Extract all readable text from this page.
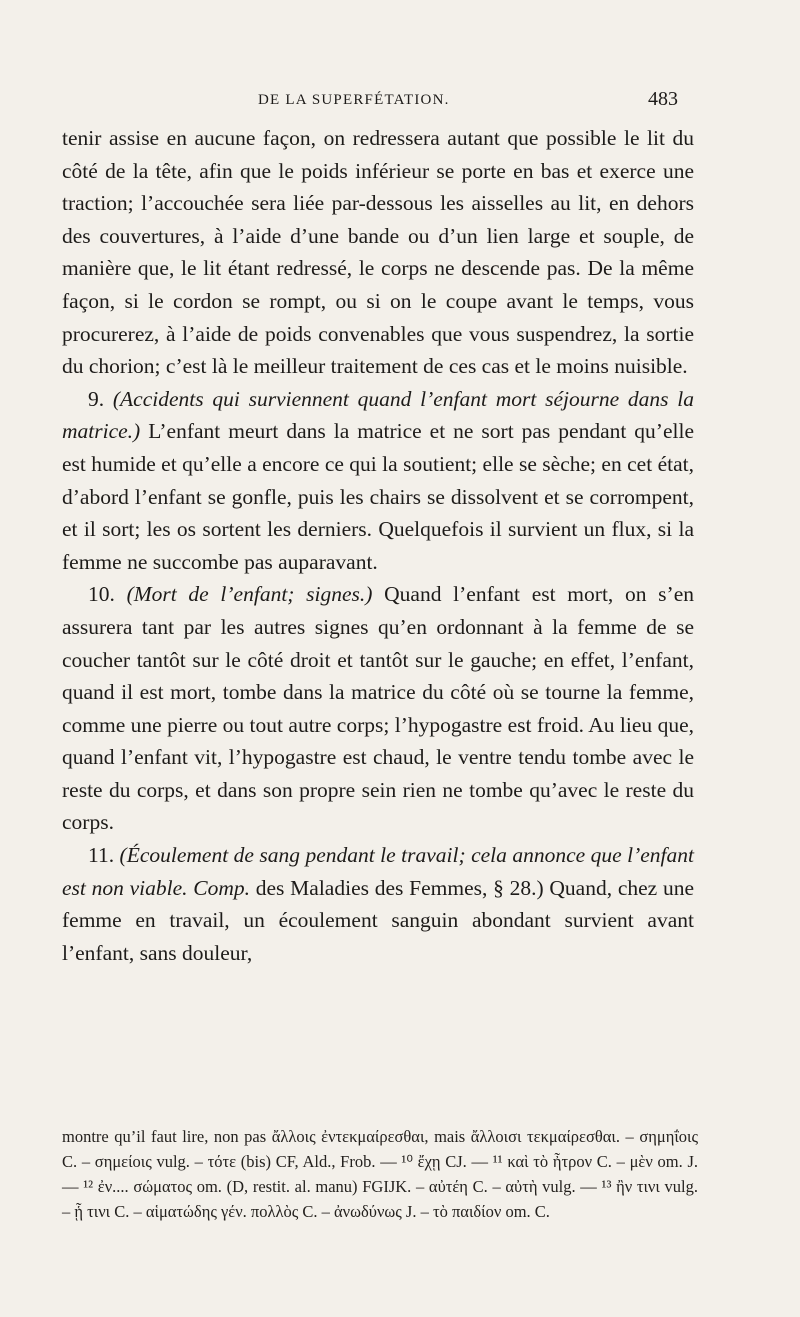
DE LA SUPERFÉTATION.	483

tenir assise en aucune façon, on redressera autant que possible le lit du côté de la tête, afin que le poids inférieur se porte en bas et exerce une traction; l’accouchée sera liée par-dessous les aisselles au lit, en dehors des couvertures, à l’aide d’une bande ou d’un lien large et souple, de manière que, le lit étant redressé, le corps ne descende pas. De la même façon, si le cordon se rompt, ou si on le coupe avant le temps, vous procurerez, à l’aide de poids convenables que vous suspendrez, la sortie du chorion; c’est là le meilleur traitement de ces cas et le moins nuisible.

9. (Accidents qui surviennent quand l’enfant mort séjourne dans la matrice.) L’enfant meurt dans la matrice et ne sort pas pendant qu’elle est humide et qu’elle a encore ce qui la soutient; elle se sèche; en cet état, d’abord l’enfant se gonfle, puis les chairs se dissolvent et se corrompent, et il sort; les os sortent les derniers. Quelquefois il survient un flux, si la femme ne succombe pas auparavant.

10. (Mort de l’enfant; signes.) Quand l’enfant est mort, on s’en assurera tant par les autres signes qu’en ordonnant à la femme de se coucher tantôt sur le côté droit et tantôt sur le gauche; en effet, l’enfant, quand il est mort, tombe dans la matrice du côté où se tourne la femme, comme une pierre ou tout autre corps; l’hypogastre est froid. Au lieu que, quand l’enfant vit, l’hypogastre est chaud, le ventre tendu tombe avec le reste du corps, et dans son propre sein rien ne tombe qu’avec le reste du corps.

11. (Écoulement de sang pendant le travail; cela annonce que l’enfant est non viable. Comp. des Maladies des Femmes, § 28.) Quand, chez une femme en travail, un écoulement sanguin abondant survient avant l’enfant, sans douleur,

montre qu’il faut lire, non pas ἄλλοις ἐντεκμαίρεσθαι, mais ἄλλοισι τεκμαίρεσθαι. – σημηΐοις C. – σημείοις vulg. – τότε (bis) CF, Ald., Frob. — ¹⁰ ἔχῃ CJ. — ¹¹ καὶ τὸ ἦτρον C. – μὲν om. J. — ¹² ἐν.... σώματος om. (D, restit. al. manu) FGIJK. – αὐτέη C. – αὐτὴ vulg. — ¹³ ἢν τινι vulg. – ᾗ τινι C. – αἱματώδης γέν. πολλὸς C. – ἀνωδύνως J. – τὸ παιδίον om. C.
